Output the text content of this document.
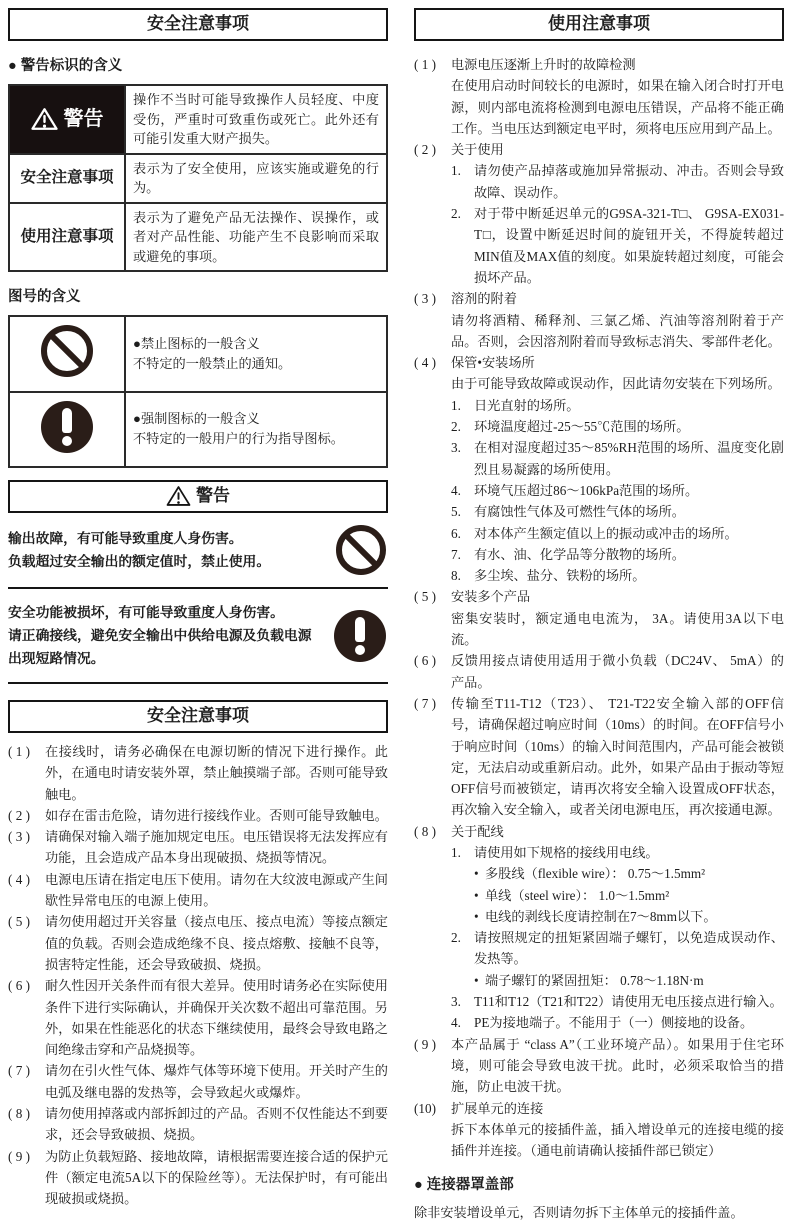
安全注意事项
● 警告标识的含义
警告	操作不当时可能导致操作人员轻度、中度受伤，严重时可致重伤或死亡。此外还有可能引发重大财产损失。
安全注意事项	表示为了安全使用，应该实施或避免的行为。
使用注意事项	表示为了避免产品无法操作、误操作，或者对产品性能、功能产生不良影响而采取或避免的事项。
图号的含义

	●禁止图标的一般含义
不特定的一般禁止的通知。

	●强制图标的一般含义
不特定的一般用户的行为指导图标。
警告
输出故障，有可能导致重度人身伤害。
负载超过安全输出的额定值时，禁止使用。
安全功能被损坏，有可能导致重度人身伤害。
请正确接线，避免安全输出中供给电源及负载电源出现短路情况。
安全注意事项
( 1 )	在接线时，请务必确保在电源切断的情况下进行操作。此外，在通电时请安装外罩，禁止触摸端子部。否则可能导致触电。
( 2 )	如存在雷击危险，请勿进行接线作业。否则可能导致触电。
( 3 )	请确保对输入端子施加规定电压。电压错误将无法发挥应有功能，且会造成产品本身出现破损、烧损等情况。
( 4 )	电源电压请在指定电压下使用。请勿在大纹波电源或产生间歇性异常电压的电源上使用。
( 5 )	请勿使用超过开关容量（接点电压、接点电流）等接点额定值的负载。否则会造成绝缘不良、接点熔敷、接触不良等，损害特定性能，还会导致破损、烧损。
( 6 )	耐久性因开关条件而有很大差异。使用时请务必在实际使用条件下进行实际确认，并确保开关次数不超出可靠范围。另外，如果在性能恶化的状态下继续使用，最终会导致电路之间绝缘击穿和产品烧损等。
( 7 )	请勿在引火性气体、爆炸气体等环境下使用。开关时产生的电弧及继电器的发热等，会导致起火或爆炸。
( 8 )	请勿使用掉落或内部拆卸过的产品。否则不仅性能达不到要求，还会导致破损、烧损。
( 9 )	为防止负载短路、接地故障，请根据需要连接合适的保护元件（额定电流5A以下的保险丝等）。无法保护时，有可能出现破损或烧损。
使用注意事项
( 1 )	电源电压逐渐上升时的故障检测
在使用启动时间较长的电源时，如果在输入闭合时打开电源，则内部电流将检测到电源电压错误，产品将不能正确工作。当电压达到额定电平时，须将电压应用到产品上。
( 2 )	关于使用
1. 请勿使产品掉落或施加异常振动、冲击。否则会导致故障、误动作。
2. 对于带中断延迟单元的G9SA-321-T□、 G9SA-EX031-T□，设置中断延迟时间的旋钮开关，不得旋转超过MIN值及MAX值的刻度。如果旋转超过刻度，可能会损坏产品。
( 3 )	溶剂的附着
请勿将酒精、稀释剂、三氯乙烯、汽油等溶剂附着于产品。否则，会因溶剂附着而导致标志消失、零部件老化。
( 4 )	保管•安装场所
由于可能导致故障或误动作，因此请勿安装在下列场所。
1. 日光直射的场所。
2. 环境温度超过-25～55℃范围的场所。
3. 在相对湿度超过35～85%RH范围的场所、温度变化剧烈且易凝露的场所使用。
4. 环境气压超过86～106kPa范围的场所。
5. 有腐蚀性气体及可燃性气体的场所。
6. 对本体产生额定值以上的振动或冲击的场所。
7. 有水、油、化学品等分散物的场所。
8. 多尘埃、盐分、铁粉的场所。
( 5 )	安装多个产品
密集安装时，额定通电电流为， 3A。请使用3A以下电流。
( 6 )	反馈用接点请使用适用于微小负载（DC24V、 5mA）的产品。
( 7 )	传输至T11-T12（T23）、 T21-T22安全输入部的OFF信号，请确保超过响应时间（10ms）的时间。在OFF信号小于响应时间（10ms）的输入时间范围内，产品可能会被锁定，无法启动或重新启动。此外，如果产品由于振动等短OFF信号而被锁定，请再次将安全输入设置成OFF状态，再次输入安全输入，或者关闭电源电压，再次接通电源。
( 8 )	关于配线
1. 请使用如下规格的接线用电线。
• 多股线（flexible wire）： 0.75～1.5mm²
• 单线（steel wire）： 1.0～1.5mm²
• 电线的剥线长度请控制在7～8mm以下。
2. 请按照规定的扭矩紧固端子螺钉，以免造成误动作、发热等。
• 端子螺钉的紧固扭矩： 0.78～1.18N·m
3. T11和T12（T21和T22）请使用无电压接点进行输入。
4. PE为接地端子。不能用于（一）侧接地的设备。
( 9 )	本产品属于 “class A”（工业环境产品）。如果用于住宅环境，则可能会导致电波干扰。此时，必须采取恰当的措施，防止电波干扰。
(10)	扩展单元的连接
拆下本体单元的接插件盖，插入增设单元的连接电缆的接插件并连接。（通电前请确认接插件部已锁定）
● 连接器罩盖部
除非安装增设单元，否则请勿拆下主体单元的接插件盖。
